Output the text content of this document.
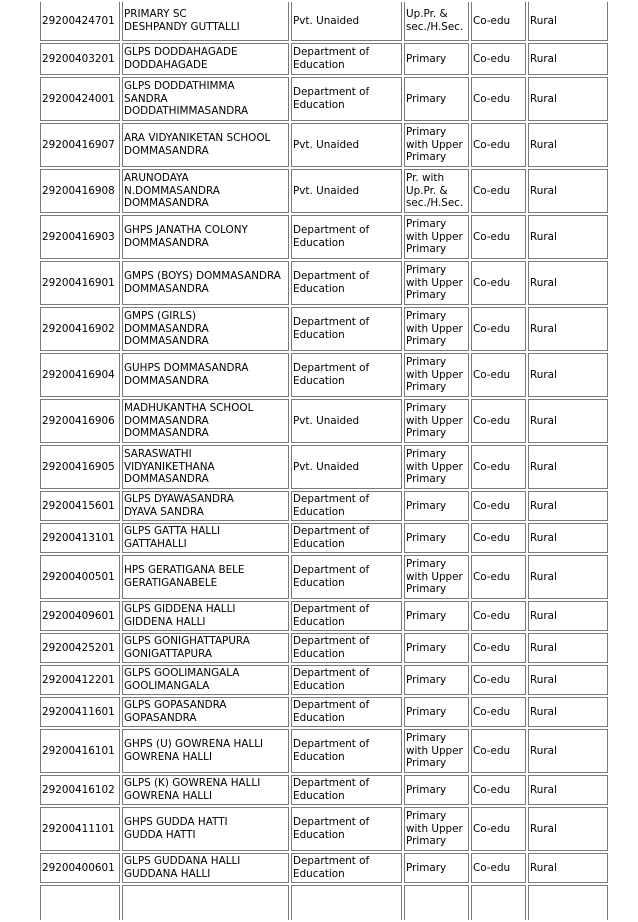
29200424701	PRIMARY SC
DESHPANDY GUTTALLI	Pvt. Unaided	Up.Pr. &
sec./H.Sec.	Co-edu	Rural
29200403201	GLPS DODDAHAGADE
DODDAHAGADE	Department of
Education	Primary	Co-edu	Rural
29200424001	GLPS DODDATHIMMA
SANDRA
DODDATHIMMASANDRA	Department of
Education	Primary	Co-edu	Rural
29200416907	ARA VIDYANIKETAN SCHOOL
DOMMASANDRA	Pvt. Unaided	Primary
with Upper
Primary	Co-edu	Rural
29200416908	ARUNODAYA
N.DOMMASANDRA
DOMMASANDRA	Pvt. Unaided	Pr. with
Up.Pr. &
sec./H.Sec.	Co-edu	Rural
29200416903	GHPS JANATHA COLONY
DOMMASANDRA	Department of
Education	Primary
with Upper
Primary	Co-edu	Rural
29200416901	GMPS (BOYS) DOMMASANDRA
DOMMASANDRA	Department of
Education	Primary
with Upper
Primary	Co-edu	Rural
29200416902	GMPS (GIRLS)
DOMMASANDRA
DOMMASANDRA	Department of
Education	Primary
with Upper
Primary	Co-edu	Rural
29200416904	GUHPS DOMMASANDRA
DOMMASANDRA	Department of
Education	Primary
with Upper
Primary	Co-edu	Rural
29200416906	MADHUKANTHA SCHOOL
DOMMASANDRA
DOMMASANDRA	Pvt. Unaided	Primary
with Upper
Primary	Co-edu	Rural
29200416905	SARASWATHI
VIDYANIKETHANA
DOMMASANDRA	Pvt. Unaided	Primary
with Upper
Primary	Co-edu	Rural
29200415601	GLPS DYAWASANDRA
DYAVA SANDRA	Department of
Education	Primary	Co-edu	Rural
29200413101	GLPS GATTA HALLI
GATTAHALLI	Department of
Education	Primary	Co-edu	Rural
29200400501	HPS GERATIGANA BELE
GERATIGANABELE	Department of
Education	Primary
with Upper
Primary	Co-edu	Rural
29200409601	GLPS GIDDENA HALLI
GIDDENA HALLI	Department of
Education	Primary	Co-edu	Rural
29200425201	GLPS GONIGHATTAPURA
GONIGATTAPURA	Department of
Education	Primary	Co-edu	Rural
29200412201	GLPS GOOLIMANGALA
GOOLIMANGALA	Department of
Education	Primary	Co-edu	Rural
29200411601	GLPS GOPASANDRA
GOPASANDRA	Department of
Education	Primary	Co-edu	Rural
29200416101	GHPS (U) GOWRENA HALLI
GOWRENA HALLI	Department of
Education	Primary
with Upper
Primary	Co-edu	Rural
29200416102	GLPS (K) GOWRENA HALLI
GOWRENA HALLI	Department of
Education	Primary	Co-edu	Rural
29200411101	GHPS GUDDA HATTI
GUDDA HATTI	Department of
Education	Primary
with Upper
Primary	Co-edu	Rural
29200400601	GLPS GUDDANA HALLI
GUDDANA HALLI	Department of
Education	Primary	Co-edu	Rural
